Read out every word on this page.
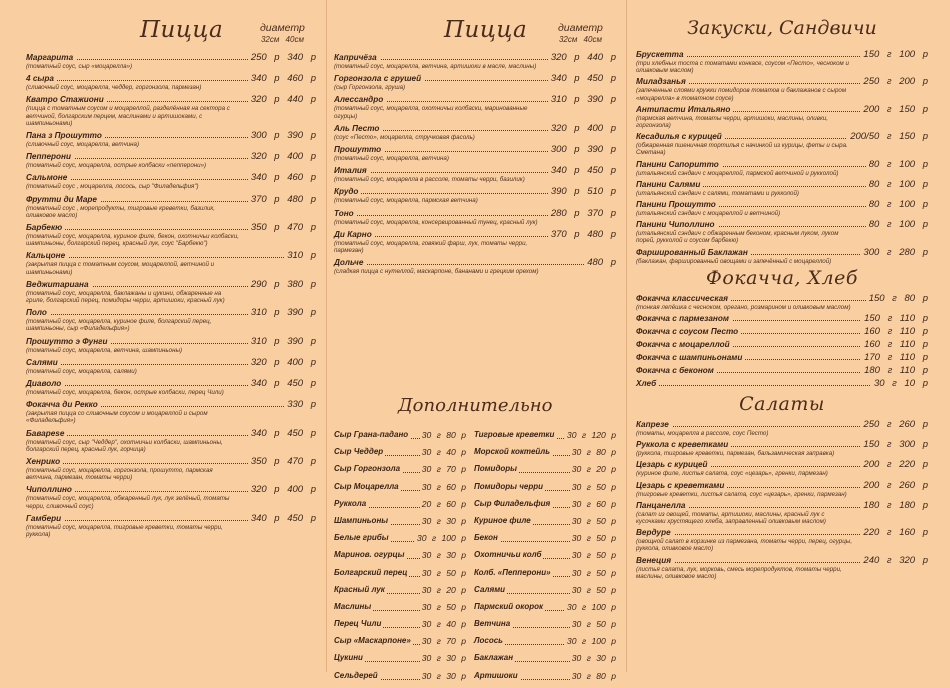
Пицца	диаметр
32см 40см
Маргарита	250 р 340 р
(томатный соус, сыр «моцарелла»)
4 сыра	340 р 460 р
(сливочный соус, моцарелла, чеддер, горгонзола, пармезан)
Кватро Стажиони	320 р 440 р
(пицца с томатным соусом и моцареллой, разделённая на сектора с ветчиной, болгарским перцем, маслинами и артишоками, с шампиньонами)
Пана з Прошутто	300 р 390 р
(сливочный соус, моцарелла, ветчина)
Пепперони	320 р 400 р
(томатный соус, моцарелла, острые колбаски «пепперони»)
Сальмоне	340 р 460 р
(томатный соус , моцарелла, лосось, сыр "Филадельфия")
Фрутти ди Маре	370 р 480 р
(томатный соус , морепродукты, тигровые креветки, базилик, оливковое масло)
Барбекю	350 р 470 р
(томатный соус, моцарелла, куриное филе, бекон, охотничьи колбаски, шампиньоны, болгарский перец, красный лук, соус "Барбекю")
Кальцоне	310 р
(закрытая пицца с томатным соусом, моцареллой, ветчиной и шампиньонами)
Веджитариана	290 р 380 р
(томатный соус, моцарелла, баклажаны и цукини, обжаренные на гриле, болгарский перец, помидоры черри, артишоки, красный лук)
Поло	310 р 390 р
(томатный соус, моцарелла, куриное филе, болгарский перец, шампиньоны, сыр «Филадельфия»)
Прошутто э Фунги	310 р 390 р
(томатный соус, моцарелла, ветчина, шампиньоны)
Салями	320 р 400 р
(томатный соус, моцарелла, салями)
Диаволо	340 р 450 р
(томатный соус, моцарелла, бекон, острые колбаски, перец Чили)
Фокачча ди Рекко	330 р
(закрытая пицца со сливочным соусом и моцареллой и сыром «Филадельфия»)
Бавареsе	340 р 450 р
(томатный соус, сыр "Чеддер", охотничьи колбаски, шампиньоны, болгарский перец, красный лук, горчица)
Хенрико	350 р 470 р
(томатный соус, моцарелла, горгонзола, прошутто, пармская ветчина, пармезан, томаты черри)
Чиполлино	320 р 400 р
(томатный соус, моцарелла, обжаренный лук, лук зелёный, томаты черри, сливочный соус)
Гамбери	340 р 450 р
(томатный соус, моцарелла, тигровые креветки, томаты черри, руккола)
Пицца	диаметр
32см 40см
Капричёза	320 р 440 р
(томатный соус, моцарелла, ветчина, артишоки в масле, маслины)
Горгонзола с грушей	340 р 450 р
(сыр Горгонзола, груша)
Алессандро	310 р 390 р
(томатный соус, моцарелла, охотничьи колбаски, маринованные огурцы)
Аль Песто	320 р 400 р
(соус «Песто», моцарелла, стручковая фасоль)
Прошутто	300 р 390 р
(томатный соус, моцарелла, ветчина)
Италия	340 р 450 р
(томатный соус, моцарелла в рассоле, томаты черри, базилик)
Крудо	390 р 510 р
(томатный соус, моцарелла, пармская ветчина)
Тоно	280 р 370 р
(томатный соус, моцарелла, консервированный тунец, красный лук)
Ди Карно	370 р 480 р
(томатный соус, моцарелла, говяжий фарш, лук, томаты черри, пармезан)
Дольче	480 р
(сладкая пицца с нутеллой, маскарпоне, бананами и грецким орехом)
Дополнительно
Сыр Грана-падано 30 г 80 р
Сыр Чеддер	30 г 40 р
Сыр Горгонзола	30 г 70 р
Сыр Моцарелла	30 г 60 р
Руккола	20 г 60 р
Шампиньоны	30 г 30 р
Белые грибы	30 г 100 р
Маринов. огурцы 30 г 30 р
Болгарский перец 30 г 50 р
Красный лук	30 г 20 р
Маслины	30 г 50 р
Перец Чили	30 г 40 р
Сыр «Маскарпоне» 30 г 70 р
Цукини	30 г 30 р
Сельдерей	30 г 30 р
Тигровые креветки 30 г 120 р
Морской коктейль	30 г 80 р
Помидоры	30 г 20 р
Помидоры черри	30 г 50 р
Сыр Филадельфия	30 г 60 р
Куриное филе	30 г 50 р
Бекон	30 г 50 р
Охотничьи колб	30 г 50 р
Колб. «Пепперони» 30 г 50 р
Салями	30 г 50 р
Пармский окорок	30 г 100 р
Ветчина	30 г 50 р
Лосось	30 г 100 р
Баклажан	30 г 30 р
Артишоки	30 г 80 р
Закуски, Сандвичи
Брускетта	150 г 100 р
(три хлебных тоста с томатами конкасе, соусом «Песто», чесноком и оливковым маслом)
Миладзанья	250 г 200 р
(запеченные слоями кружки помидоров томатов и баклажанов с сыром «моцарелла» в томатном соусе)
Антипасти Итальяно	200 г 150 р
(пармская ветчина, томаты черри, артишоки, маслины, оливки, горгонзола)
Кесадилья с курицей	200/50 г 150 р
(обжаренная пшеничная тортилья с начинкой из курицы, феты и сыра. Сметана)
Панини Сапоритто	80 г 100 р
(итальянский сэндвич с моцареллой, пармской ветчиной и рукколой)
Панини Салями	80 г 100 р
(итальянский сэндвич с салями, томатами и рукколой)
Панини Прошутто	80 г 100 р
(итальянский сэндвич с моцареллой и ветчиной)
Панини Чиполлино	80 г 100 р
(итальянский сэндвич с обжаренным беконом, красным луком, луком порей, рукколой и соусом барбекю)
Фаршированный Баклажан	300 г 280 р
(баклажан, фаршированный овощами и запечённый с моцареллой)
Фокачча, Хлеб
Фокачча классическая	150 г 80 р
(тонкая лепёшка с чесноком, орегано, розмарином и оливковым маслом)
Фокачча с пармезаном	150 г 110 р
Фокачча с соусом Песто	160 г 110 р
Фокачча с моцареллой	160 г 110 р
Фокачча с шампиньонами	170 г 110 р
Фокачча с беконом	180 г 110 р
Хлеб	30 г 10 р
Салаты
Капрезе	250 г 260 р
(томаты, моцарелла в рассоле, соус Песто)
Руккола с креветками	150 г 300 р
(руккола, тигровые креветки, пармезан, бальзамическая заправка)
Цезарь с курицей	200 г 220 р
(куриное филе, листья салата, соус «цезарь», гренки, пармезан)
Цезарь с креветками	200 г 260 р
(тигровые креветки, листья салата, соус «цезарь», гренки, пармезан)
Панцанелла	180 г 180 р
(салат из овощей, томаты, артишоки, маслины, красный лук с кусочками хрустящего хлеба, заправленный оливковым маслом)
Вердуре	220 г 160 р
(овощной салат в корзинке из пармезана, томаты черри, перец, огурцы, руккола, оливковое масло)
Венеция	240 г 320 р
(листья салата, лук, морковь, смесь морепродуктов, томаты черри, маслины, оливковое масло)
